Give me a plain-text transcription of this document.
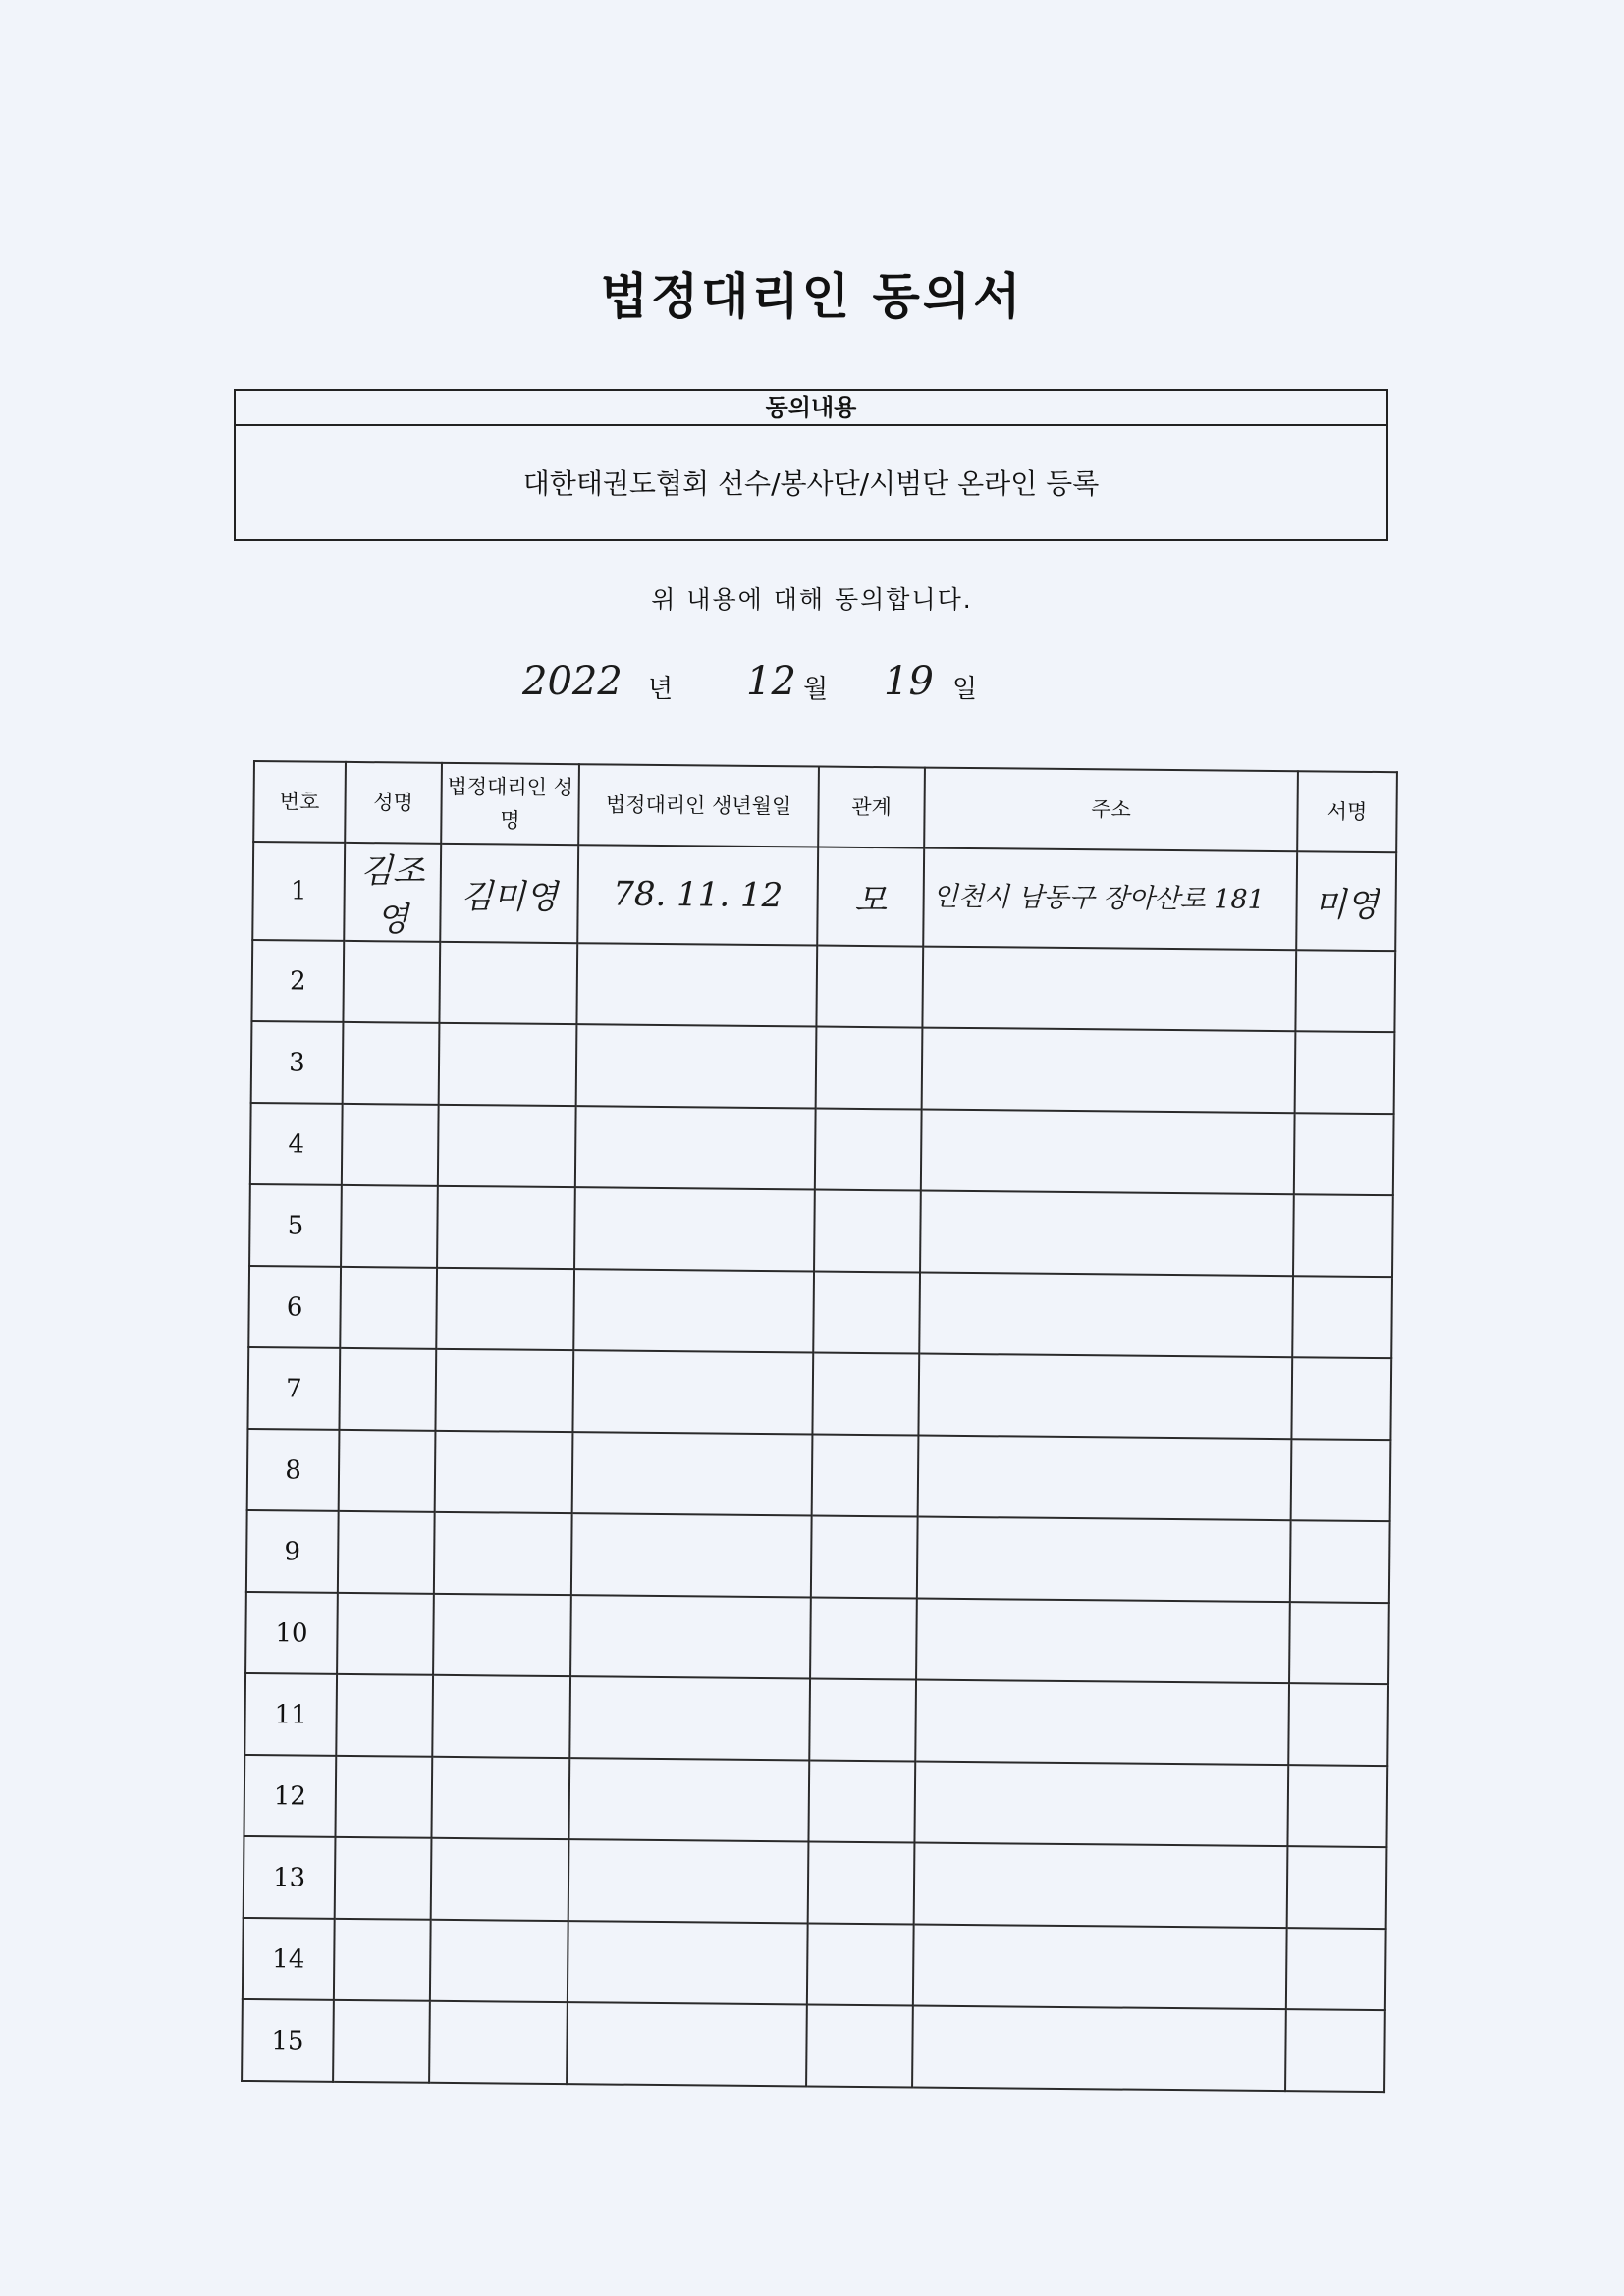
법정대리인 동의서
동의내용
대한태권도협회 선수/봉사단/시범단 온라인 등록
위 내용에 대해 동의합니다.
2022 년 12 월 19 일
번호	성명	법정대리인 성명	법정대리인 생년월일	관계	주소	서명
1	김조영	김미영	78. 11. 12	모	인천시 남동구 장아산로 181	미영
2						
3						
4						
5						
6						
7						
8						
9						
10						
11						
12						
13						
14						
15						
